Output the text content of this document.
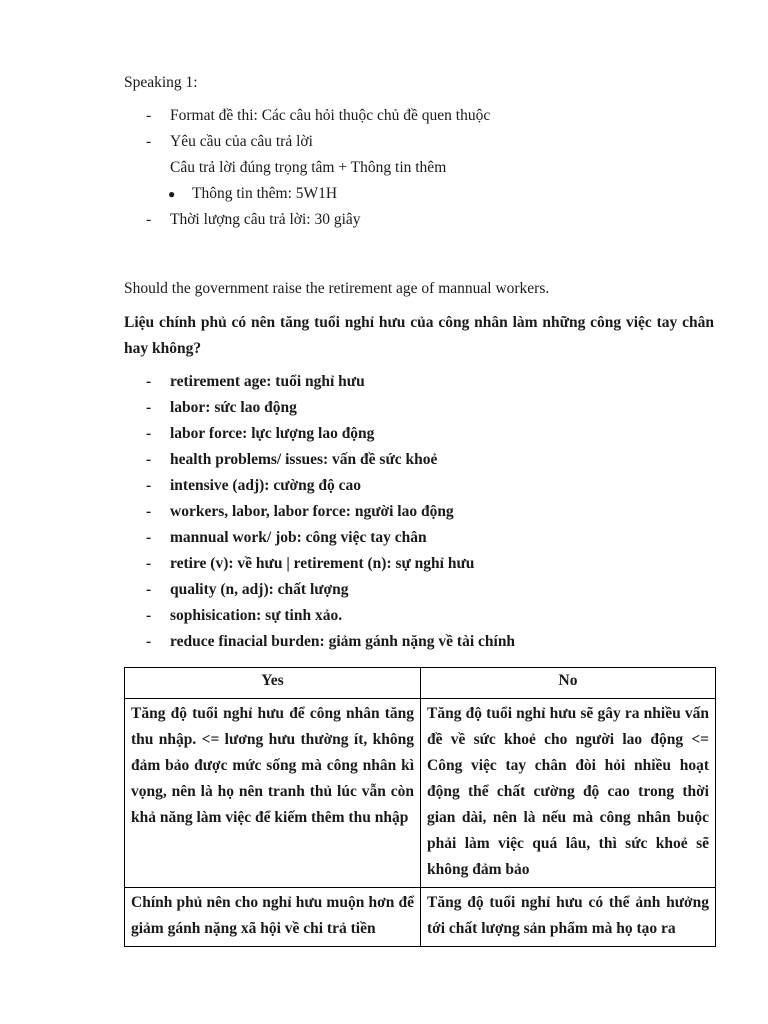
Speaking 1:
- Format đề thi: Các câu hỏi thuộc chủ đề quen thuộc
- Yêu cầu của câu trả lời
Câu trả lời đúng trọng tâm + Thông tin thêm
● Thông tin thêm: 5W1H
- Thời lượng câu trả lời: 30 giây
Should the government raise the retirement age of mannual workers.
Liệu chính phủ có nên tăng tuổi nghỉ hưu của công nhân làm những công việc tay chân hay không?
- retirement age: tuổi nghỉ hưu
- labor: sức lao động
- labor force: lực lượng lao động
- health problems/ issues: vấn đề sức khoẻ
- intensive (adj): cường độ cao
- workers, labor, labor force: người lao động
- mannual work/ job: công việc tay chân
- retire (v): về hưu | retirement (n): sự nghỉ hưu
- quality (n, adj): chất lượng
- sophisication: sự tinh xảo.
- reduce finacial burden: giảm gánh nặng về tài chính
Yes	No
Tăng độ tuổi nghỉ hưu để công nhân tăng thu nhập. <= lương hưu thường ít, không đảm bảo được mức sống mà công nhân kì vọng, nên là họ nên tranh thủ lúc vẫn còn khả năng làm việc để kiếm thêm thu nhập	Tăng độ tuổi nghỉ hưu sẽ gây ra nhiều vấn đề về sức khoẻ cho người lao động <= Công việc tay chân đòi hỏi nhiều hoạt động thể chất cường độ cao trong thời gian dài, nên là nếu mà công nhân buộc phải làm việc quá lâu, thì sức khoẻ sẽ không đảm bảo
Chính phủ nên cho nghỉ hưu muộn hơn để giảm gánh nặng xã hội về chi trả tiền	Tăng độ tuổi nghỉ hưu có thể ảnh hưởng tới chất lượng sản phẩm mà họ tạo ra
